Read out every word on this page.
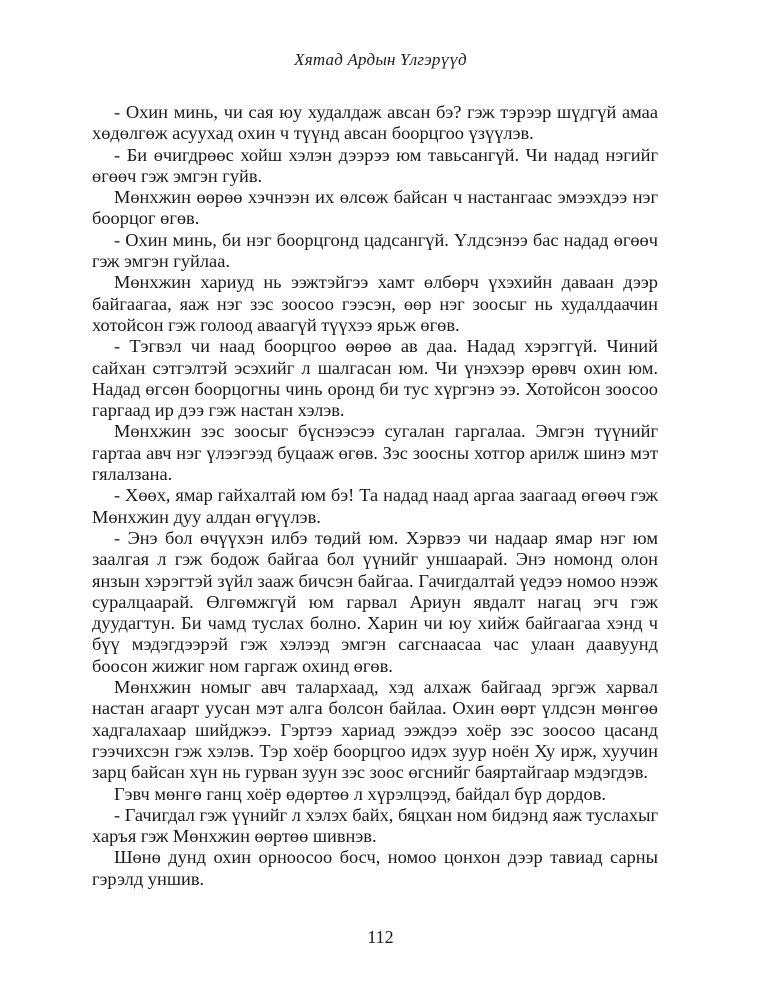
Хятад Ардын Үлгэрүүд

- Охин минь, чи сая юу худалдаж авсан бэ? гэж тэрээр шүдгүй амаа хөдөлгөж асуухад охин ч түүнд авсан боорцгоо үзүүлэв.

- Би өчигдрөөс хойш хэлэн дээрээ юм тавьсангүй. Чи надад нэгийг өгөөч гэж эмгэн гуйв.

Мөнхжин өөрөө хэчнээн их өлсөж байсан ч настангаас эмээхдээ нэг боорцог өгөв.

- Охин минь, би нэг боорцгонд цадсангүй. Үлдсэнээ бас надад өгөөч гэж эмгэн гуйлаа.

Мөнхжин хариуд нь ээжтэйгээ хамт өлбөрч үхэхийн даваан дээр байгаагаа, яаж нэг зэс зоосоо гээсэн, өөр нэг зоосыг нь худалдаачин хотойсон гэж голоод аваагүй түүхээ ярьж өгөв.

- Тэгвэл чи наад боорцгоо өөрөө ав даа. Надад хэрэггүй. Чиний сайхан сэтгэлтэй эсэхийг л шалгасан юм. Чи үнэхээр өрөвч охин юм. Надад өгсөн боорцогны чинь оронд би тус хүргэнэ ээ. Хотойсон зоосоо гаргаад ир дээ гэж настан хэлэв.

Мөнхжин зэс зоосыг бүснээсээ сугалан гаргалаа. Эмгэн түүнийг гартаа авч нэг үлээгээд буцааж өгөв. Зэс зоосны хотгор арилж шинэ мэт гялалзана.

- Хөөх, ямар гайхалтай юм бэ! Та надад наад аргаа заагаад өгөөч гэж Мөнхжин дуу алдан өгүүлэв.

- Энэ бол өчүүхэн илбэ төдий юм. Хэрвээ чи надаар ямар нэг юм заалгая л гэж бодож байгаа бол үүнийг уншаарай. Энэ номонд олон янзын хэрэгтэй зүйл зааж бичсэн байгаа. Гачигдалтай үедээ номоо нээж суралцаарай. Өлгөмжгүй юм гарвал Ариун явдалт нагац эгч гэж дуудагтун. Би чамд туслах болно. Харин чи юу хийж байгаагаа хэнд ч бүү мэдэгдээрэй гэж хэлээд эмгэн сагснаасаа час улаан даавуунд боосон жижиг ном гаргаж охинд өгөв.

Мөнхжин номыг авч талархаад, хэд алхаж байгаад эргэж харвал настан агаарт уусан мэт алга болсон байлаа. Охин өөрт үлдсэн мөнгөө хадгалахаар шийджээ. Гэртээ хариад ээждээ хоёр зэс зоосоо цасанд гээчихсэн гэж хэлэв. Тэр хоёр боорцгоо идэх зуур ноён Ху ирж, хуучин зарц байсан хүн нь гурван зуун зэс зоос өгснийг баяртайгаар мэдэгдэв.

Гэвч мөнгө ганц хоёр өдөртөө л хүрэлцээд, байдал бүр дордов.

- Гачигдал гэж үүнийг л хэлэх байх, бяцхан ном бидэнд яаж туслахыг харъя гэж Мөнхжин өөртөө шивнэв.

Шөнө дунд охин орноосоо босч, номоо цонхон дээр тавиад сарны гэрэлд уншив.

112
